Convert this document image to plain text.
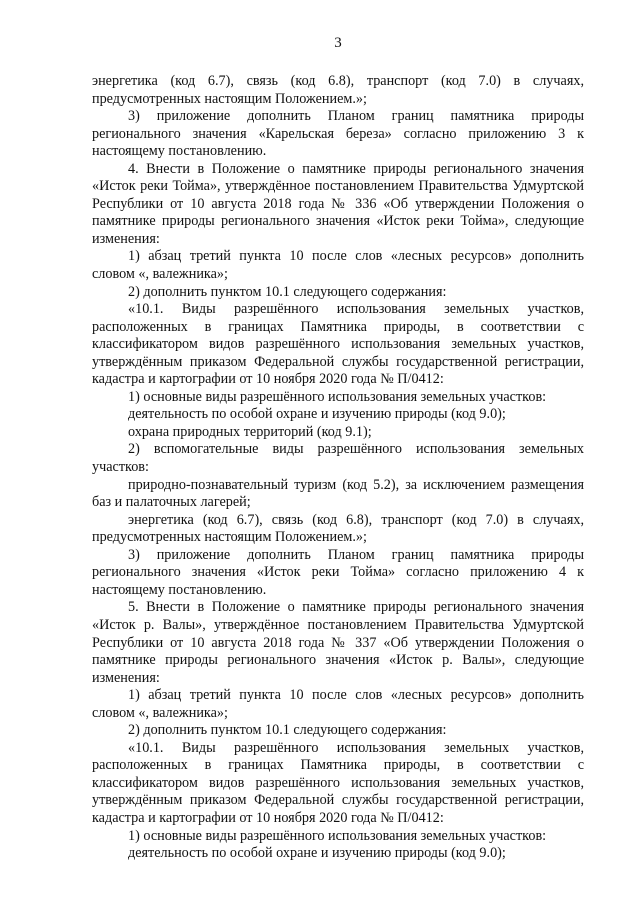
3

энергетика (код 6.7), связь (код 6.8), транспорт (код 7.0) в случаях, предусмотренных настоящим Положением.»;

3) приложение дополнить Планом границ памятника природы регионального значения «Карельская береза» согласно приложению 3 к настоящему постановлению.

4. Внести в Положение о памятнике природы регионального значения «Исток реки Тойма», утверждённое постановлением Правительства Удмуртской Республики от 10 августа 2018 года № 336 «Об утверждении Положения о памятнике природы регионального значения «Исток реки Тойма», следующие изменения:

1) абзац третий пункта 10 после слов «лесных ресурсов» дополнить словом «, валежника»;

2) дополнить пунктом 10.1 следующего содержания:

«10.1. Виды разрешённого использования земельных участков, расположенных в границах Памятника природы, в соответствии с классификатором видов разрешённого использования земельных участков, утверждённым приказом Федеральной службы государственной регистрации, кадастра и картографии от 10 ноября 2020 года № П/0412:

1) основные виды разрешённого использования земельных участков:

деятельность по особой охране и изучению природы (код 9.0);

охрана природных территорий (код 9.1);

2) вспомогательные виды разрешённого использования земельных участков:

природно-познавательный туризм (код 5.2), за исключением размещения баз и палаточных лагерей;

энергетика (код 6.7), связь (код 6.8), транспорт (код 7.0) в случаях, предусмотренных настоящим Положением.»;

3) приложение дополнить Планом границ памятника природы регионального значения «Исток реки Тойма» согласно приложению 4 к настоящему постановлению.

5. Внести в Положение о памятнике природы регионального значения «Исток р. Валы», утверждённое постановлением Правительства Удмуртской Республики от 10 августа 2018 года № 337 «Об утверждении Положения о памятнике природы регионального значения «Исток р. Валы», следующие изменения:

1) абзац третий пункта 10 после слов «лесных ресурсов» дополнить словом «, валежника»;

2) дополнить пунктом 10.1 следующего содержания:

«10.1. Виды разрешённого использования земельных участков, расположенных в границах Памятника природы, в соответствии с классификатором видов разрешённого использования земельных участков, утверждённым приказом Федеральной службы государственной регистрации, кадастра и картографии от 10 ноября 2020 года № П/0412:

1) основные виды разрешённого использования земельных участков:

деятельность по особой охране и изучению природы (код 9.0);
